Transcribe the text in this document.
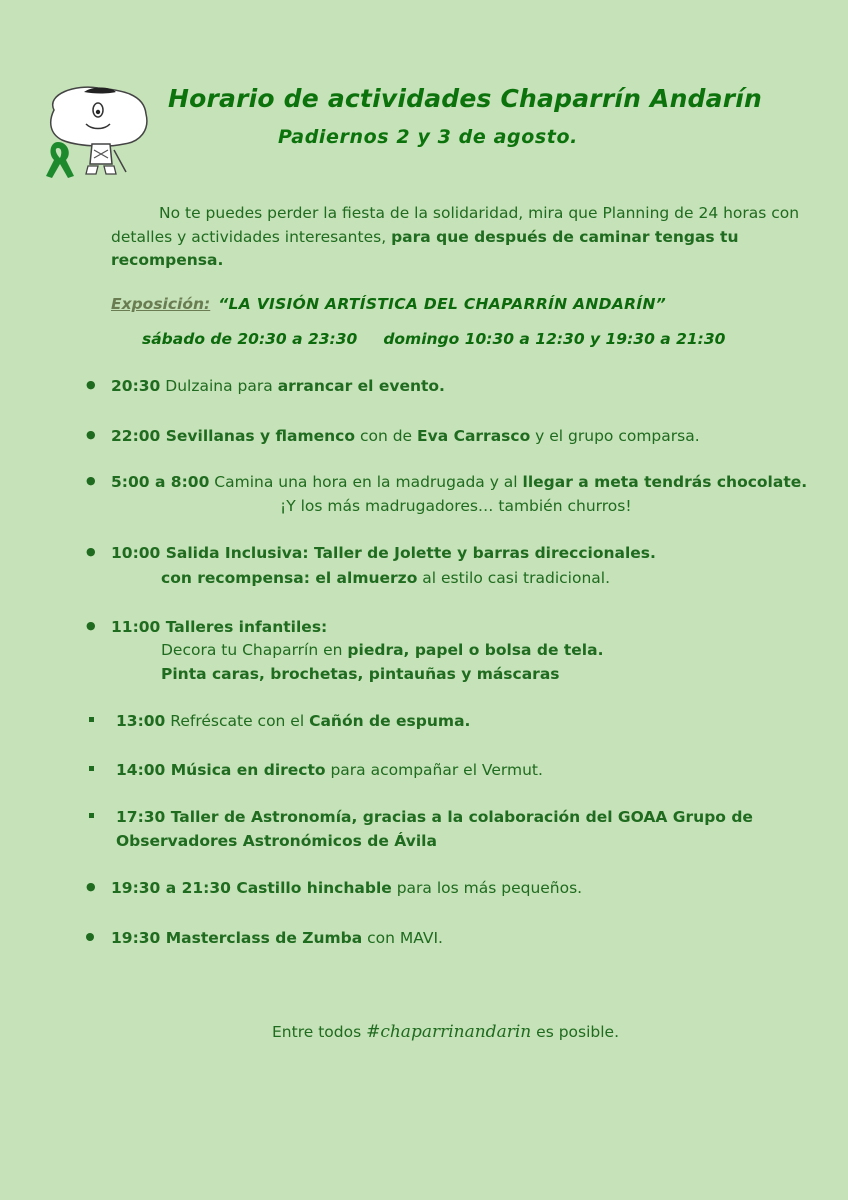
Horario de actividades Chaparrín Andarín
Padiernos 2 y 3 de agosto.
No te puedes perder la fiesta de la solidaridad, mira que Planning de 24 horas con detalles y actividades interesantes, para que después de caminar tengas tu recompensa.
Exposición: “LA VISIÓN ARTÍSTICA DEL CHAPARRÍN ANDARÍN”
sábado de 20:30 a 23:30 domingo 10:30 a 12:30 y 19:30 a 21:30
● 20:30 Dulzaina para arrancar el evento.
● 22:00 Sevillanas y flamenco con de Eva Carrasco y el grupo comparsa.
● 5:00 a 8:00 Camina una hora en la madrugada y al llegar a meta tendrás chocolate.
¡Y los más madrugadores… también churros!
● 10:00 Salida Inclusiva: Taller de Jolette y barras direccionales.
con recompensa: el almuerzo al estilo casi tradicional.
● 11:00 Talleres infantiles:
Decora tu Chaparrín en piedra, papel o bolsa de tela.
Pinta caras, brochetas, pintauñas y máscaras
13:00 Refréscate con el Cañón de espuma.
14:00 Música en directo para acompañar el Vermut.
17:30 Taller de Astronomía, gracias a la colaboración del GOAA Grupo de
Observadores Astronómicos de Ávila
● 19:30 a 21:30 Castillo hinchable para los más pequeños.
19:30 Masterclass de Zumba con MAVI.
Entre todos #chaparrinandarin es posible.
